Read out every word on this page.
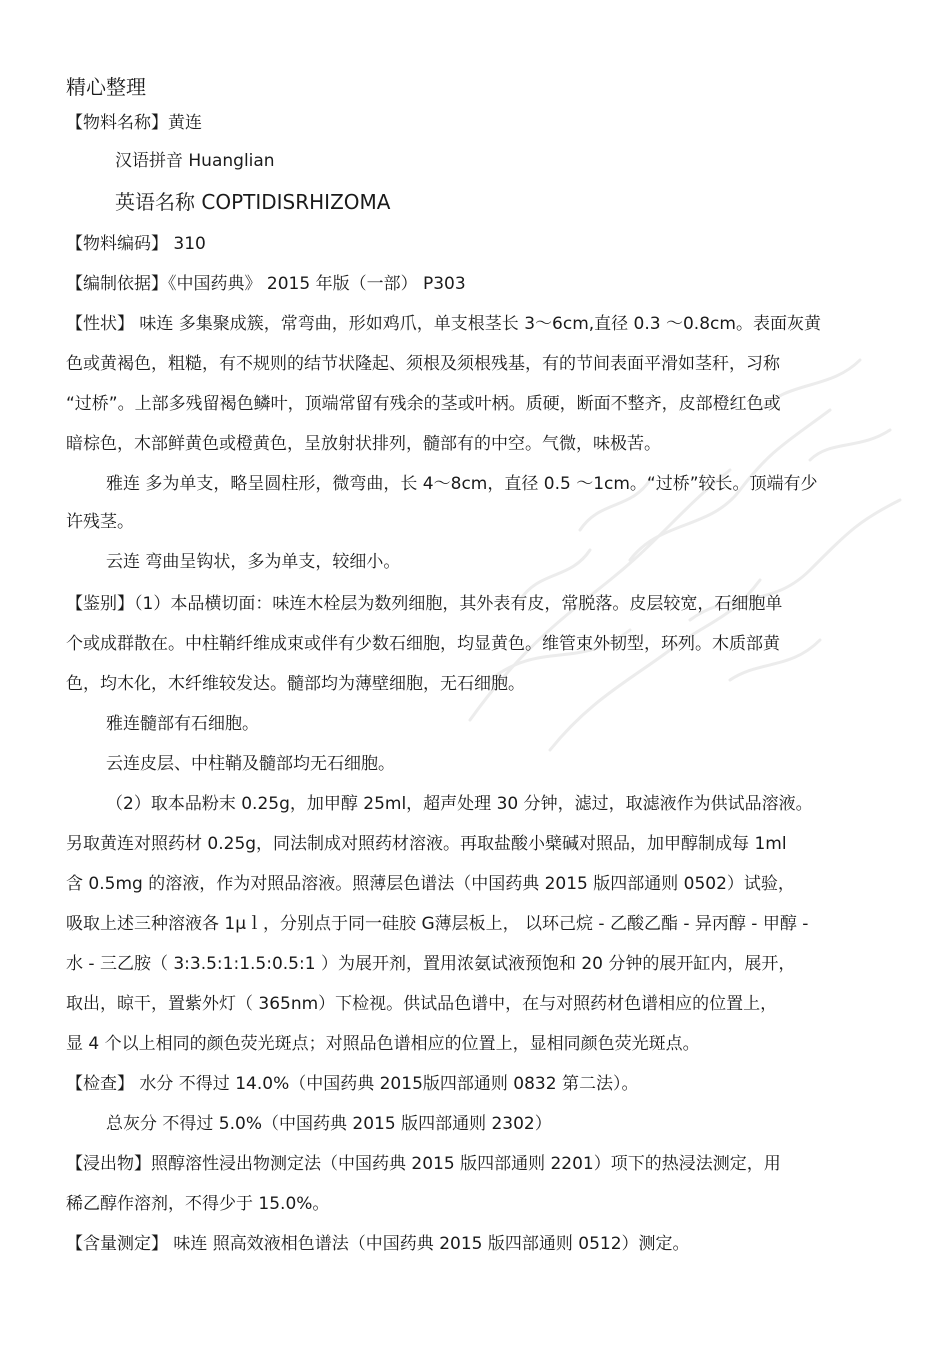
精心整理
【物料名称】黄连
汉语拼音 Huanglian
英语名称 COPTIDISRHIZOMA
【物料编码】 310
【编制依据】《中国药典》 2015 年版（一部） P303
【性状】 味连 多集聚成簇，常弯曲，形如鸡爪，单支根茎长 3～6cm,直径 0.3 ～0.8cm。表面灰黄
色或黄褐色，粗糙，有不规则的结节状隆起、须根及须根残基，有的节间表面平滑如茎秆，习称
“过桥”。上部多残留褐色鳞叶，顶端常留有残余的茎或叶柄。质硬，断面不整齐，皮部橙红色或
暗棕色，木部鲜黄色或橙黄色，呈放射状排列，髓部有的中空。气微，味极苦。
雅连 多为单支，略呈圆柱形，微弯曲，长 4～8cm，直径 0.5 ～1cm。“过桥”较长。顶端有少
许残茎。
云连 弯曲呈钩状，多为单支，较细小。
【鉴别】（1）本品横切面：味连木栓层为数列细胞，其外表有皮，常脱落。皮层较宽，石细胞单
个或成群散在。中柱鞘纤维成束或伴有少数石细胞，均显黄色。维管束外韧型，环列。木质部黄
色，均木化，木纤维较发达。髓部均为薄壁细胞，无石细胞。
雅连髓部有石细胞。
云连皮层、中柱鞘及髓部均无石细胞。
（2）取本品粉末 0.25g，加甲醇 25ml，超声处理 30 分钟，滤过，取滤液作为供试品溶液。
另取黄连对照药材 0.25g，同法制成对照药材溶液。再取盐酸小檗碱对照品，加甲醇制成每 1ml
含 0.5mg 的溶液，作为对照品溶液。照薄层色谱法（中国药典 2015 版四部通则 0502）试验，
吸取上述三种溶液各 1μｌ，分别点于同一硅胶 G薄层板上， 以环己烷 - 乙酸乙酯 - 异丙醇 - 甲醇 -
水 - 三乙胺（ 3:3.5:1:1.5:0.5:1 ）为展开剂，置用浓氨试液预饱和 20 分钟的展开缸内，展开，
取出，晾干，置紫外灯（ 365nm）下检视。供试品色谱中，在与对照药材色谱相应的位置上，
显 4 个以上相同的颜色荧光斑点；对照品色谱相应的位置上，显相同颜色荧光斑点。
【检查】 水分 不得过 14.0%（中国药典 2015版四部通则 0832 第二法）。
总灰分 不得过 5.0%（中国药典 2015 版四部通则 2302）
【浸出物】照醇溶性浸出物测定法（中国药典 2015 版四部通则 2201）项下的热浸法测定，用
稀乙醇作溶剂，不得少于 15.0%。
【含量测定】 味连 照高效液相色谱法（中国药典 2015 版四部通则 0512）测定。
